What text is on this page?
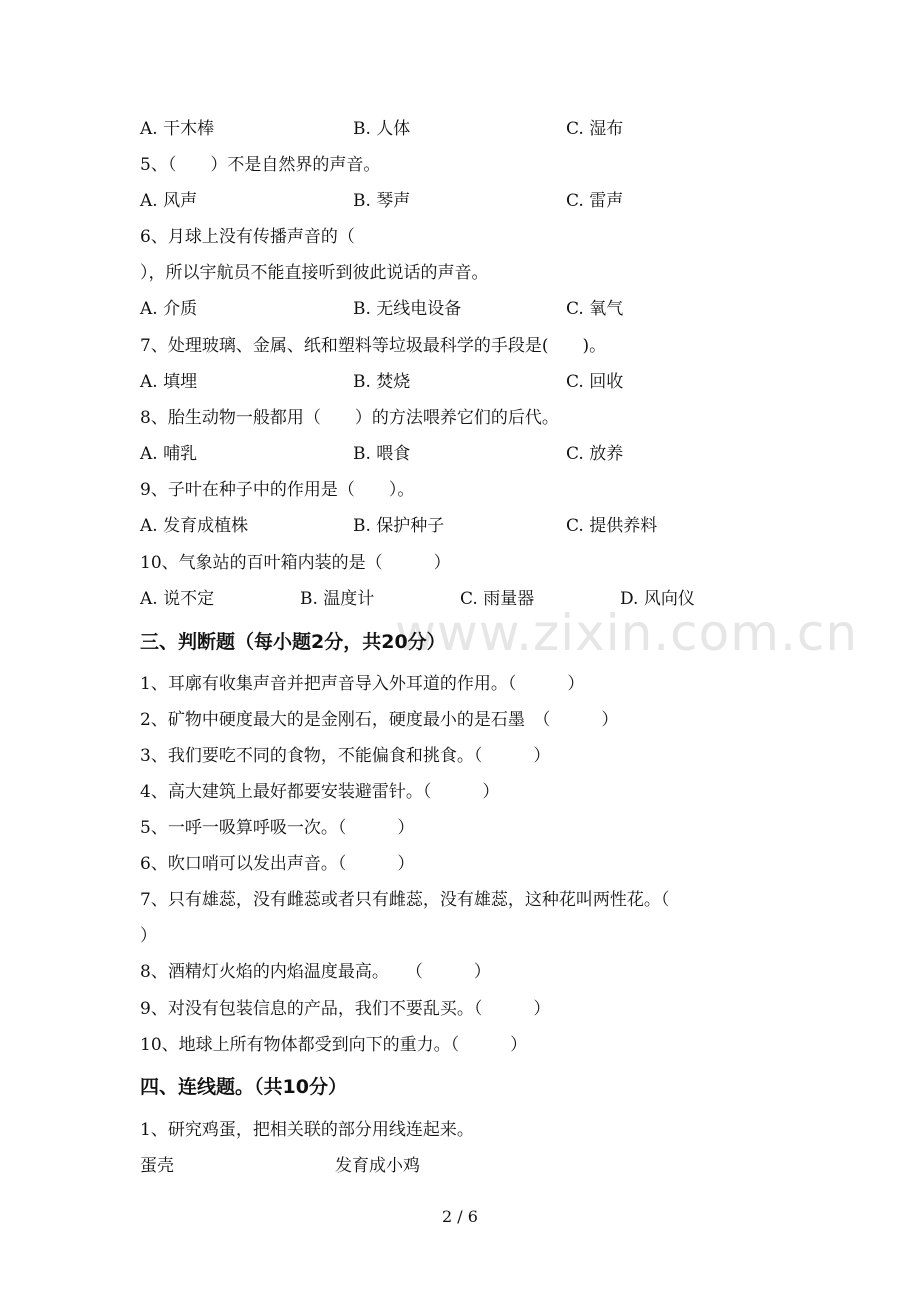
www.zixin.com.cn
A. 干木棒	B. 人体	C. 湿布
5、（　　）不是自然界的声音。
A. 风声	B. 琴声	C. 雷声
6、月球上没有传播声音的（
），所以宇航员不能直接听到彼此说话的声音。
A. 介质	B. 无线电设备	C. 氧气
7、处理玻璃、金属、纸和塑料等垃圾最科学的手段是(　　)。
A. 填埋	B. 焚烧	C. 回收
8、胎生动物一般都用（　　）的方法喂养它们的后代。
A. 哺乳	B. 喂食	C. 放养
9、子叶在种子中的作用是（　　）。
A. 发育成植株	B. 保护种子	C. 提供养料
10、气象站的百叶箱内装的是（　　　）
A. 说不定	B. 温度计	C. 雨量器	D. 风向仪
三、判断题（每小题2分，共20分）
1、耳廓有收集声音并把声音导入外耳道的作用。（　　　）
2、矿物中硬度最大的是金刚石，硬度最小的是石墨　（　　　）
3、我们要吃不同的食物，不能偏食和挑食。（　　　）
4、高大建筑上最好都要安装避雷针。（　　　）
5、一呼一吸算呼吸一次。（　　　）
6、吹口哨可以发出声音。（　　　）
7、只有雄蕊，没有雌蕊或者只有雌蕊，没有雄蕊，这种花叫两性花。（
）
8、酒精灯火焰的内焰温度最高。　　（　　　）
9、对没有包装信息的产品，我们不要乱买。（　　　）
10、地球上所有物体都受到向下的重力。（　　　）
四、连线题。（共10分）
1、研究鸡蛋，把相关联的部分用线连起来。
蛋壳	发育成小鸡
2 / 6
